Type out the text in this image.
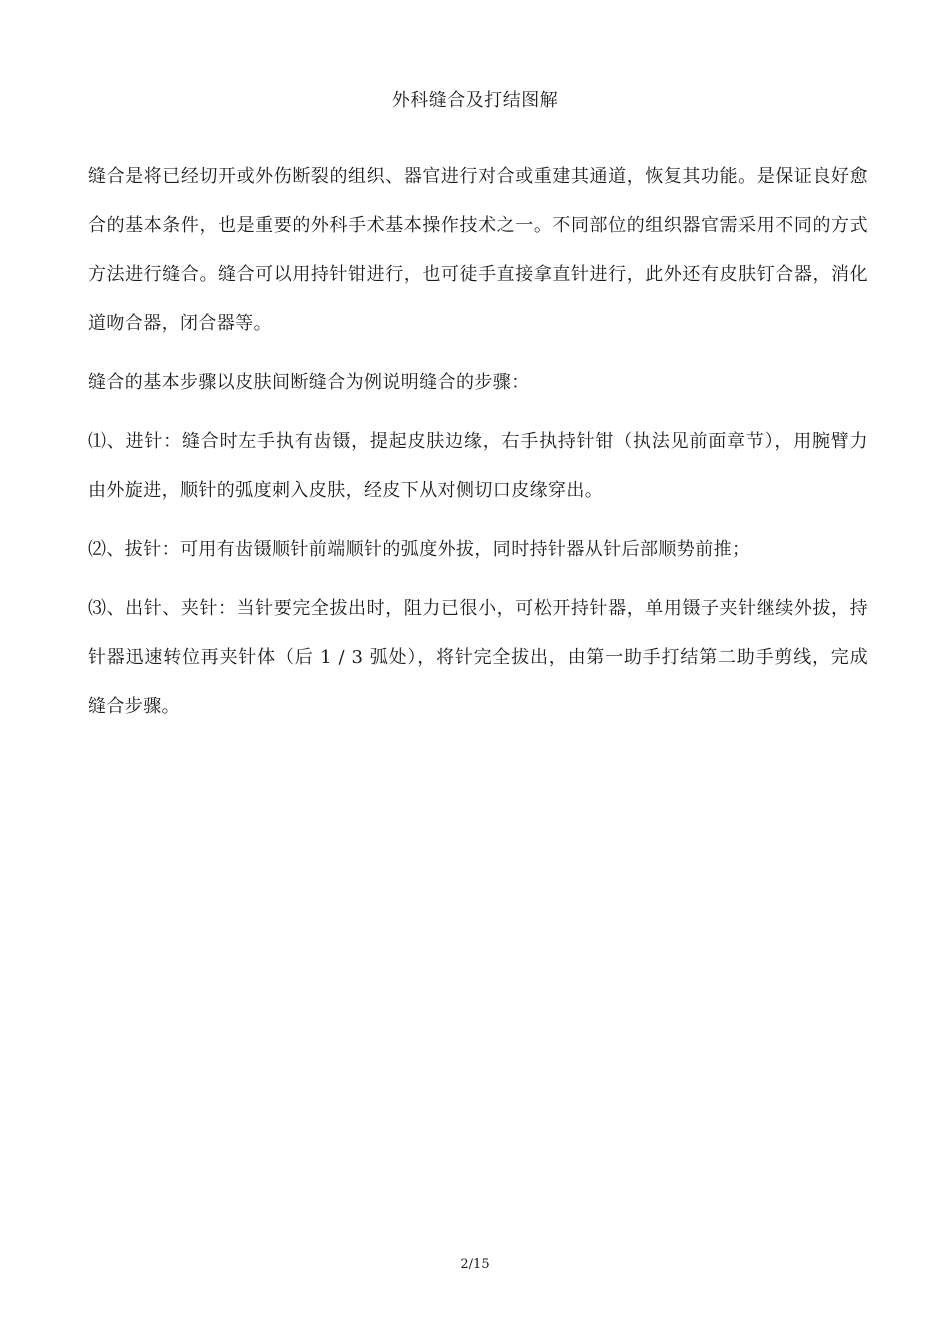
外科缝合及打结图解

缝合是将已经切开或外伤断裂的组织、器官进行对合或重建其通道，恢复其功能。是保证良好愈合的基本条件，也是重要的外科手术基本操作技术之一。不同部位的组织器官需采用不同的方式方法进行缝合。缝合可以用持针钳进行，也可徒手直接拿直针进行，此外还有皮肤钉合器，消化道吻合器，闭合器等。

缝合的基本步骤以皮肤间断缝合为例说明缝合的步骤：

⑴、进针：缝合时左手执有齿镊，提起皮肤边缘，右手执持针钳（执法见前面章节），用腕臂力由外旋进，顺针的弧度刺入皮肤，经皮下从对侧切口皮缘穿出。

⑵、拔针：可用有齿镊顺针前端顺针的弧度外拔，同时持针器从针后部顺势前推；

⑶、出针、夹针：当针要完全拔出时，阻力已很小，可松开持针器，单用镊子夹针继续外拔，持针器迅速转位再夹针体（后 1 / 3 弧处），将针完全拔出，由第一助手打结第二助手剪线，完成缝合步骤。

2/15
